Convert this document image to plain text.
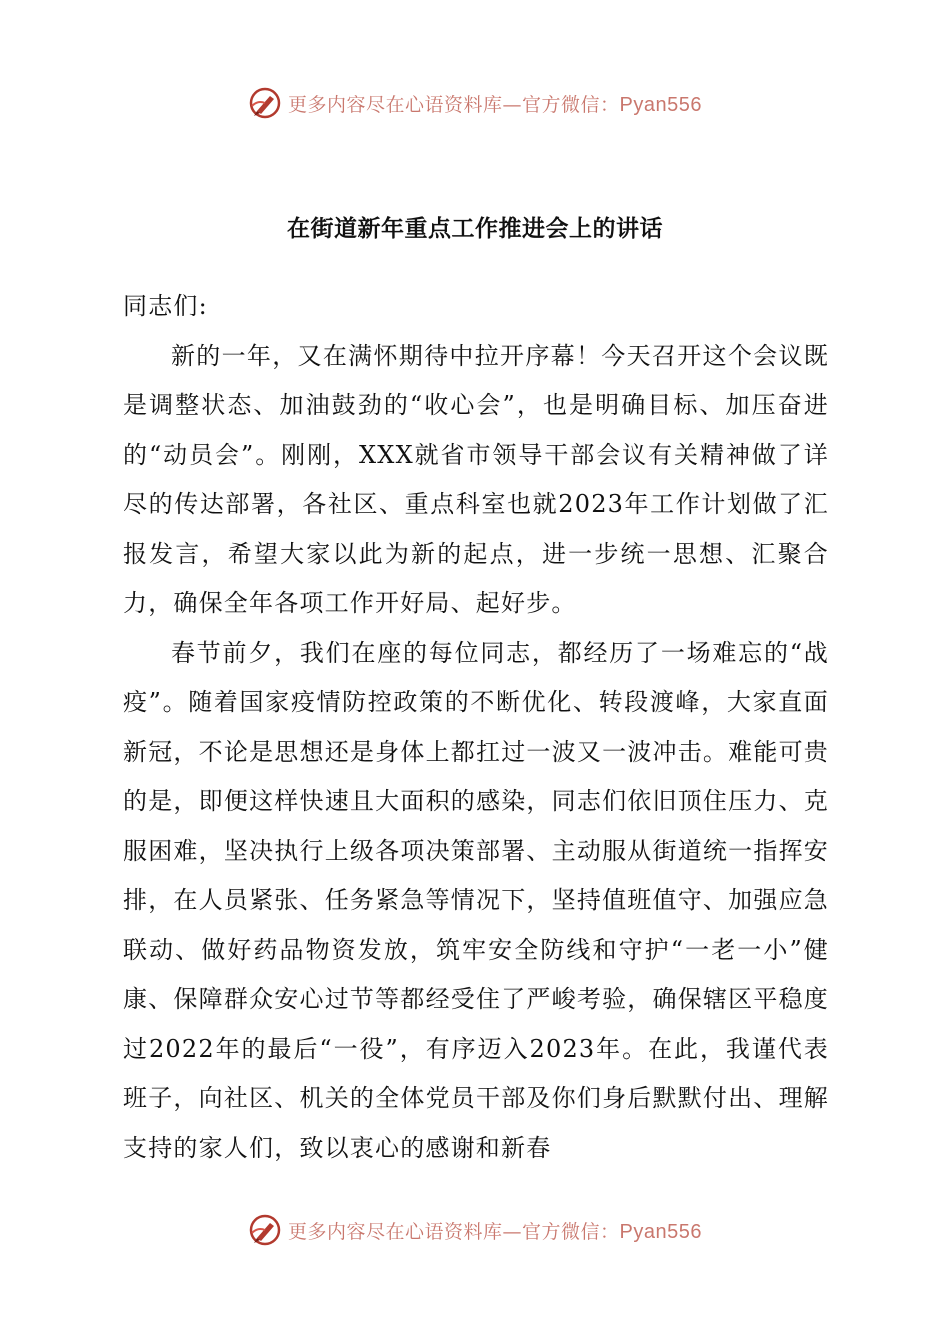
更多内容尽在心语资料库—官方微信：Pyan556
在街道新年重点工作推进会上的讲话

同志们:

新的一年，又在满怀期待中拉开序幕！今天召开这个会议既是调整状态、加油鼓劲的“收心会”，也是明确目标、加压奋进的“动员会”。刚刚，XXX就省市领导干部会议有关精神做了详尽的传达部署，各社区、重点科室也就2023年工作计划做了汇报发言，希望大家以此为新的起点，进一步统一思想、汇聚合力，确保全年各项工作开好局、起好步。

春节前夕，我们在座的每位同志，都经历了一场难忘的“战疫”。随着国家疫情防控政策的不断优化、转段渡峰，大家直面新冠，不论是思想还是身体上都扛过一波又一波冲击。难能可贵的是，即便这样快速且大面积的感染，同志们依旧顶住压力、克服困难，坚决执行上级各项决策部署、主动服从街道统一指挥安排，在人员紧张、任务紧急等情况下，坚持值班值守、加强应急联动、做好药品物资发放，筑牢安全防线和守护“一老一小”健康、保障群众安心过节等都经受住了严峻考验，确保辖区平稳度过2022年的最后“一役”，有序迈入2023年。在此，我谨代表班子，向社区、机关的全体党员干部及你们身后默默付出、理解支持的家人们，致以衷心的感谢和新春

更多内容尽在心语资料库—官方微信：Pyan556
